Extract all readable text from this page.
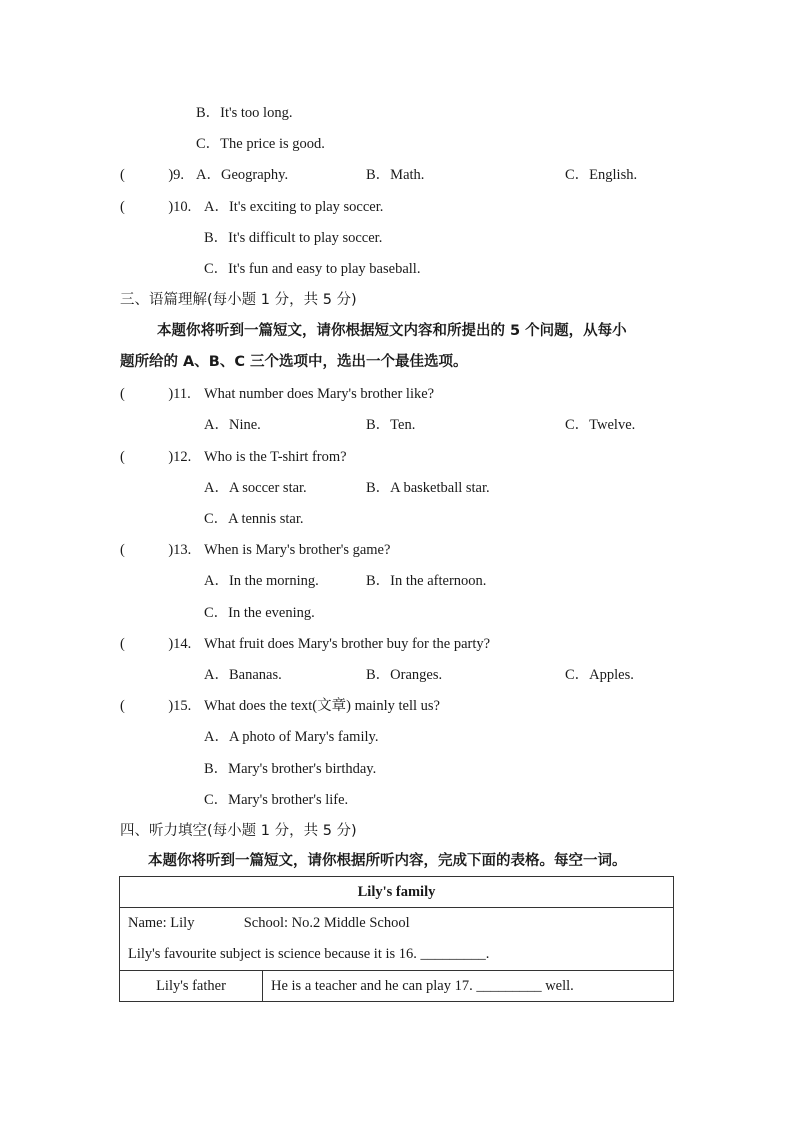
B．It's too long.
C．The price is good.
(　　　)9. A．Geography.	B．Math.	C．English.
(　　　)10. A．It's exciting to play soccer.
B．It's difficult to play soccer.
C．It's fun and easy to play baseball.
三、语篇理解(每小题 1 分，共 5 分)
本题你将听到一篇短文，请你根据短文内容和所提出的 5 个问题，从每小
题所给的 A、B、C 三个选项中，选出一个最佳选项。
(　　　)11. What number does Mary's brother like?
A．Nine.	B．Ten.	C．Twelve.
(　　　)12. Who is the T-shirt from?
A．A soccer star.	B．A basketball star.
C．A tennis star.
(　　　)13. When is Mary's brother's game?
A．In the morning.	B．In the afternoon.
C．In the evening.
(　　　)14. What fruit does Mary's brother buy for the party?
A．Bananas.	B．Oranges.	C．Apples.
(　　　)15. What does the text(文章) mainly tell us?
A．A photo of Mary's family.
B．Mary's brother's birthday.
C．Mary's brother's life.
四、听力填空(每小题 1 分，共 5 分)
本题你将听到一篇短文，请你根据所听内容，完成下面的表格。每空一词。
Lily's family

Name: Lily	School: No.2 Middle School
Lily's favourite subject is science because it is 16. _________.

Lily's father	He is a teacher and he can play 17. _________ well.
